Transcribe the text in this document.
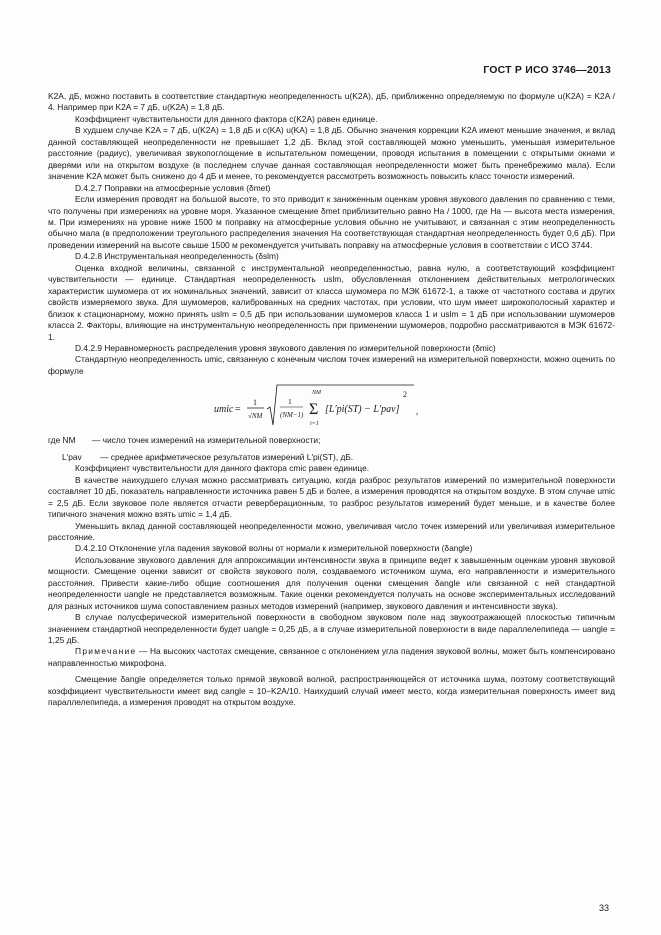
ГОСТ Р ИСО 3746—2013

K2A, дБ, можно поставить в соответствие стандартную неопределенность u(K2A), дБ, приближенно определяемую по формуле u(K2A) = K2A / 4. Например при K2A = 7 дБ, u(K2A) = 1,8 дБ.

Коэффициент чувствительности для данного фактора c(K2A) равен единице.

В худшем случае K2A = 7 дБ, u(K2A) = 1,8 дБ и c(KA) u(KA) = 1,8 дБ. Обычно значения коррекции K2A имеют меньшие значения, и вклад данной составляющей неопределенности не превышает 1,2 дБ. Вклад этой составляющей можно уменьшить, уменьшая измерительное расстояние (радиус), увеличивая звукопоглощение в испытательном помещении, проводя испытания в помещении с открытыми окнами и дверями или на открытом воздухе (в последнем случае данная составляющая неопределенности может быть пренебрежимо мала). Если значение K2A может быть снижено до 4 дБ и менее, то рекомендуется рассмотреть возможность повысить класс точности измерений.

D.4.2.7 Поправки на атмосферные условия (δmet)

Если измерения проводят на большой высоте, то это приводит к заниженным оценкам уровня звукового давления по сравнению с теми, что получены при измерениях на уровне моря. Указанное смещение δmet приблизительно равно Ha / 1000, где Ha — высота места измерения, м. При измерениях на уровне ниже 1500 м поправку на атмосферные условия обычно не учитывают, и связанная с этим неопределенность обычно мала (в предположении треугольного распределения значения Ha соответствующая стандартная неопределенность будет 0,6 дБ). При проведении измерений на высоте свыше 1500 м рекомендуется учитывать поправку на атмосферные условия в соответствии с ИСО 3744.

D.4.2.8 Инструментальная неопределенность (δslm)

Оценка входной величины, связанной с инструментальной неопределенностью, равна нулю, а соответствующий коэффициент чувствительности — единице. Стандартная неопределенность uslm, обусловленная отклонением действительных метрологических характеристик шумомера от их номинальных значений, зависит от класса шумомера по МЭК 61672-1, а также от частотного состава и других свойств измеряемого звука. Для шумомеров, калиброванных на средних частотах, при условии, что шум имеет широкополосный характер и близок к стационарному, можно принять uslm = 0,5 дБ при использовании шумомеров класса 1 и uslm = 1 дБ при использовании шумомеров класса 2. Факторы, влияющие на инструментальную неопределенность при применении шумомеров, подробно рассматриваются в МЭК 61672-1.

D.4.2.9 Неравномерность распределения уровня звукового давления по измерительной поверхности (δmic)

Стандартную неопределенность umic, связанную с конечным числом точек измерений на измерительной поверхности, можно оценить по формуле

umic =
1
√NM
1
(NM−1)
NM
Σ
i=1
[L′pi(ST) − L′pav]
2
,

где NM — число точек измерений на измерительной поверхности;

L′pav — среднее арифметическое результатов измерений L′pi(ST), дБ.

Коэффициент чувствительности для данного фактора cmic равен единице.

В качестве наихудшего случая можно рассматривать ситуацию, когда разброс результатов измерений по измерительной поверхности составляет 10 дБ, показатель направленности источника равен 5 дБ и более, а измерения проводятся на открытом воздухе. В этом случае umic = 2,5 дБ. Если звуковое поле является отчасти реверберационным, то разброс результатов измерений будет меньше, и в качестве более типичного значения можно взять umic = 1,4 дБ.

Уменьшить вклад данной составляющей неопределенности можно, увеличивая число точек измерений или увеличивая измерительное расстояние.

D.4.2.10 Отклонение угла падения звуковой волны от нормали к измерительной поверхности (δangle)

Использование звукового давления для аппроксимации интенсивности звука в принципе ведет к завышенным оценкам уровня звуковой мощности. Смещение оценки зависит от свойств звукового поля, создаваемого источником шума, его направленности и измерительного расстояния. Привести какие-либо общие соотношения для получения оценки смещения δangle или связанной с ней стандартной неопределенности uangle не представляется возможным. Такие оценки рекомендуется получать на основе экспериментальных исследований для разных источников шума сопоставлением разных методов измерений (например, звукового давления и интенсивности звука).

В случае полусферической измерительной поверхности в свободном звуковом поле над звукоотражающей плоскостью типичным значением стандартной неопределенности будет uangle = 0,25 дБ, а в случае измерительной поверхности в виде параллелепипеда — uangle = 1,25 дБ.

Примечание — На высоких частотах смещение, связанное с отклонением угла падения звуковой волны, может быть компенсировано направленностью микрофона.

Смещение δangle определяется только прямой звуковой волной, распространяющейся от источника шума, поэтому соответствующий коэффициент чувствительности имеет вид cangle = 10−K2A/10. Наихудший случай имеет место, когда измерительная поверхность имеет вид параллелепипеда, а измерения проводят на открытом воздухе.

33
